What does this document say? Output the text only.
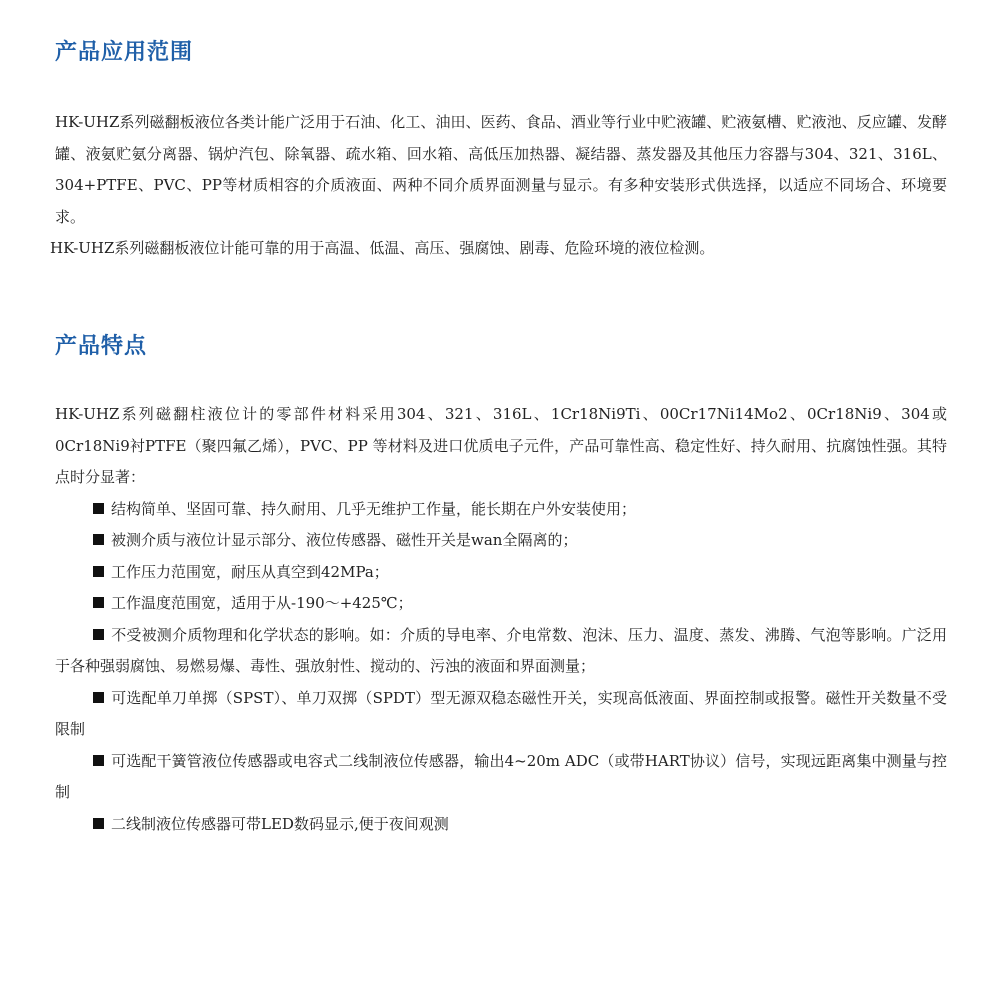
产品应用范围

HK-UHZ系列磁翻板液位各类计能广泛用于石油、化工、油田、医药、食品、酒业等行业中贮液罐、贮液氨槽、贮液池、反应罐、发酵罐、液氨贮氨分离器、锅炉汽包、除氧器、疏水箱、回水箱、高低压加热器、凝结器、蒸发器及其他压力容器与304、321、316L、304+PTFE、PVC、PP等材质相容的介质液面、两种不同介质界面测量与显示。有多种安装形式供选择，以适应不同场合、环境要求。

HK-UHZ系列磁翻板液位计能可靠的用于高温、低温、高压、强腐蚀、剧毒、危险环境的液位检测。

产品特点

HK-UHZ系列磁翻柱液位计的零部件材料采用304、321、316L、1Cr18Ni9Ti、00Cr17Ni14Mo2、0Cr18Ni9、304或0Cr18Ni9衬PTFE（聚四氟乙烯），PVC、PP 等材料及进口优质电子元件，产品可靠性高、稳定性好、持久耐用、抗腐蚀性强。其特点时分显著：

结构简单、坚固可靠、持久耐用、几乎无维护工作量，能长期在户外安装使用；

被测介质与液位计显示部分、液位传感器、磁性开关是wan全隔离的；

工作压力范围宽，耐压从真空到42MPa；

工作温度范围宽，适用于从-190～+425℃；

不受被测介质物理和化学状态的影响。如：介质的导电率、介电常数、泡沫、压力、温度、蒸发、沸腾、气泡等影响。广泛用于各种强弱腐蚀、易燃易爆、毒性、强放射性、搅动的、污浊的液面和界面测量；

可选配单刀单掷（SPST）、单刀双掷（SPDT）型无源双稳态磁性开关，实现高低液面、界面控制或报警。磁性开关数量不受限制

可选配干簧管液位传感器或电容式二线制液位传感器，输出4~20m ADC（或带HART协议）信号，实现远距离集中测量与控制

二线制液位传感器可带LED数码显示,便于夜间观测
